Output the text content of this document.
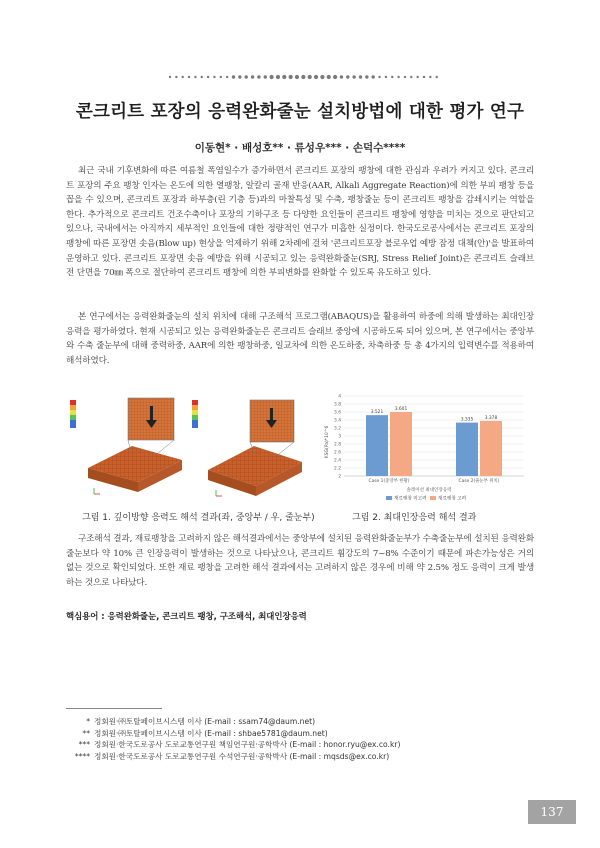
콘크리트 포장의 응력완화줄눈 설치방법에 대한 평가 연구
이동현* · 배성호** · 류성우*** · 손덕수****

최근 국내 기후변화에 따른 여름철 폭염일수가 증가하면서 콘크리트 포장의 팽창에 대한 관심과 우려가 커지고 있다. 콘크리트 포장의 주요 팽창 인자는 온도에 의한 열팽창, 알칼리 골재 반응(AAR, Alkali Aggregate Reaction)에 의한 부피 팽창 등을 꼽을 수 있으며, 콘크리트 포장과 하부층(린 기층 등)과의 마찰특성 및 수축, 팽창줄눈 등이 콘크리트 팽창을 감쇄시키는 역할을 한다. 추가적으로 콘크리트 건조수축이나 포장의 기하구조 등 다양한 요인들이 콘크리트 팽창에 영향을 미치는 것으로 판단되고 있으나, 국내에서는 아직까지 세부적인 요인들에 대한 정량적인 연구가 미흡한 실정이다. 한국도로공사에서는 콘크리트 포장의 팽창에 따른 포장면 솟음(Blow up) 현상을 억제하기 위해 2차례에 걸쳐 '콘크리트포장 블로우업 예방 잠정 대책(안)'을 발표하여 운영하고 있다. 콘크리트 포장면 솟음 예방을 위해 시공되고 있는 응력완화줄눈(SRJ, Stress Relief Joint)은 콘크리트 슬래브 전 단면을 70㎜ 폭으로 절단하여 콘크리트 팽창에 의한 부피변화를 완화할 수 있도록 유도하고 있다.

본 연구에서는 응력완화줄눈의 설치 위치에 대해 구조해석 프로그램(ABAQUS)을 활용하여 하중에 의해 발생하는 최대인장응력을 평가하였다. 현재 시공되고 있는 응력완화줄눈은 콘크리트 슬래브 중앙에 시공하도록 되어 있으며, 본 연구에서는 중앙부와 수축 줄눈부에 대해 중력하중, AAR에 의한 팽창하중, 일교차에 의한 온도하중, 차축하중 등 총 4가지의 입력변수를 적용하여 해석하였다.

KSG(Pa)*10^6
4
3.8
3.6
3.4
3.2
3
2.8
2.6
2.4
2.2
2
3.521
3.601
3.335	3.378
Case 1(중앙부 현황)	Case 2(줄눈부 위치)
솔레이션 최대인장응력
재료팽창 미고려 재료팽창 고려
그림 1. 깊이방향 응력도 해석 결과(좌, 중앙부 / 우, 줄눈부)	그림 2. 최대인장응력 해석 결과

구조해석 결과, 재료팽창을 고려하지 않은 해석결과에서는 중앙부에 설치된 응력완화줄눈부가 수축줄눈부에 설치된 응력완화줄눈보다 약 10% 큰 인장응력이 발생하는 것으로 나타났으나, 콘크리트 휨강도의 7~8% 수준이기 때문에 파손가능성은 거의 없는 것으로 확인되었다. 또한 재료 팽창을 고려한 해석 결과에서는 고려하지 않은 경우에 비해 약 2.5% 정도 응력이 크게 발생하는 것으로 나타났다.

핵심용어 : 응력완화줄눈, 콘크리트 팽창, 구조해석, 최대인장응력
* 정회원·㈜토탈페이브시스템 이사 (E-mail : ssam74@daum.net)
** 정회원·㈜토탈페이브시스템 이사 (E-mail : shbae5781@daum.net)
*** 정회원·한국도로공사 도로교통연구원 책임연구원·공학박사 (E-mail : honor.ryu@ex.co.kr)
**** 정회원·한국도로공사 도로교통연구원 수석연구원·공학박사 (E-mail : mqsds@ex.co.kr)
137
